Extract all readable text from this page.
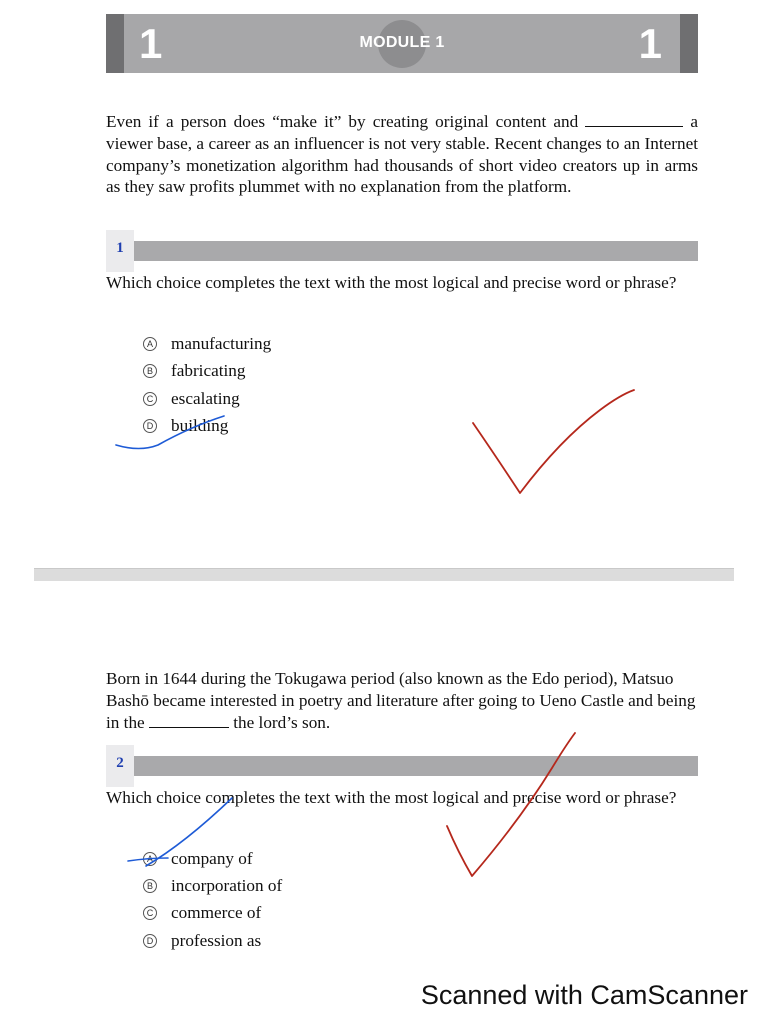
1	MODULE 1	1

Even if a person does “make it” by creating original content and	a viewer base, a career as an influencer is not very stable. Recent changes to an Internet company’s monetization algorithm had thousands of short video creators up in arms as they saw profits plummet with no explanation from the platform.

1

Which choice completes the text with the most logical and precise word or phrase?

A manufacturing
B fabricating
C escalating
D building

Born in 1644 during the Tokugawa period (also known as the Edo period), Matsuo Bashō became interested in poetry and literature after going to Ueno Castle and being in the	the lord’s son.

2

Which choice completes the text with the most logical and precise word or phrase?

A company of
B incorporation of
C commerce of
D profession as
Scanned with CamScanner
